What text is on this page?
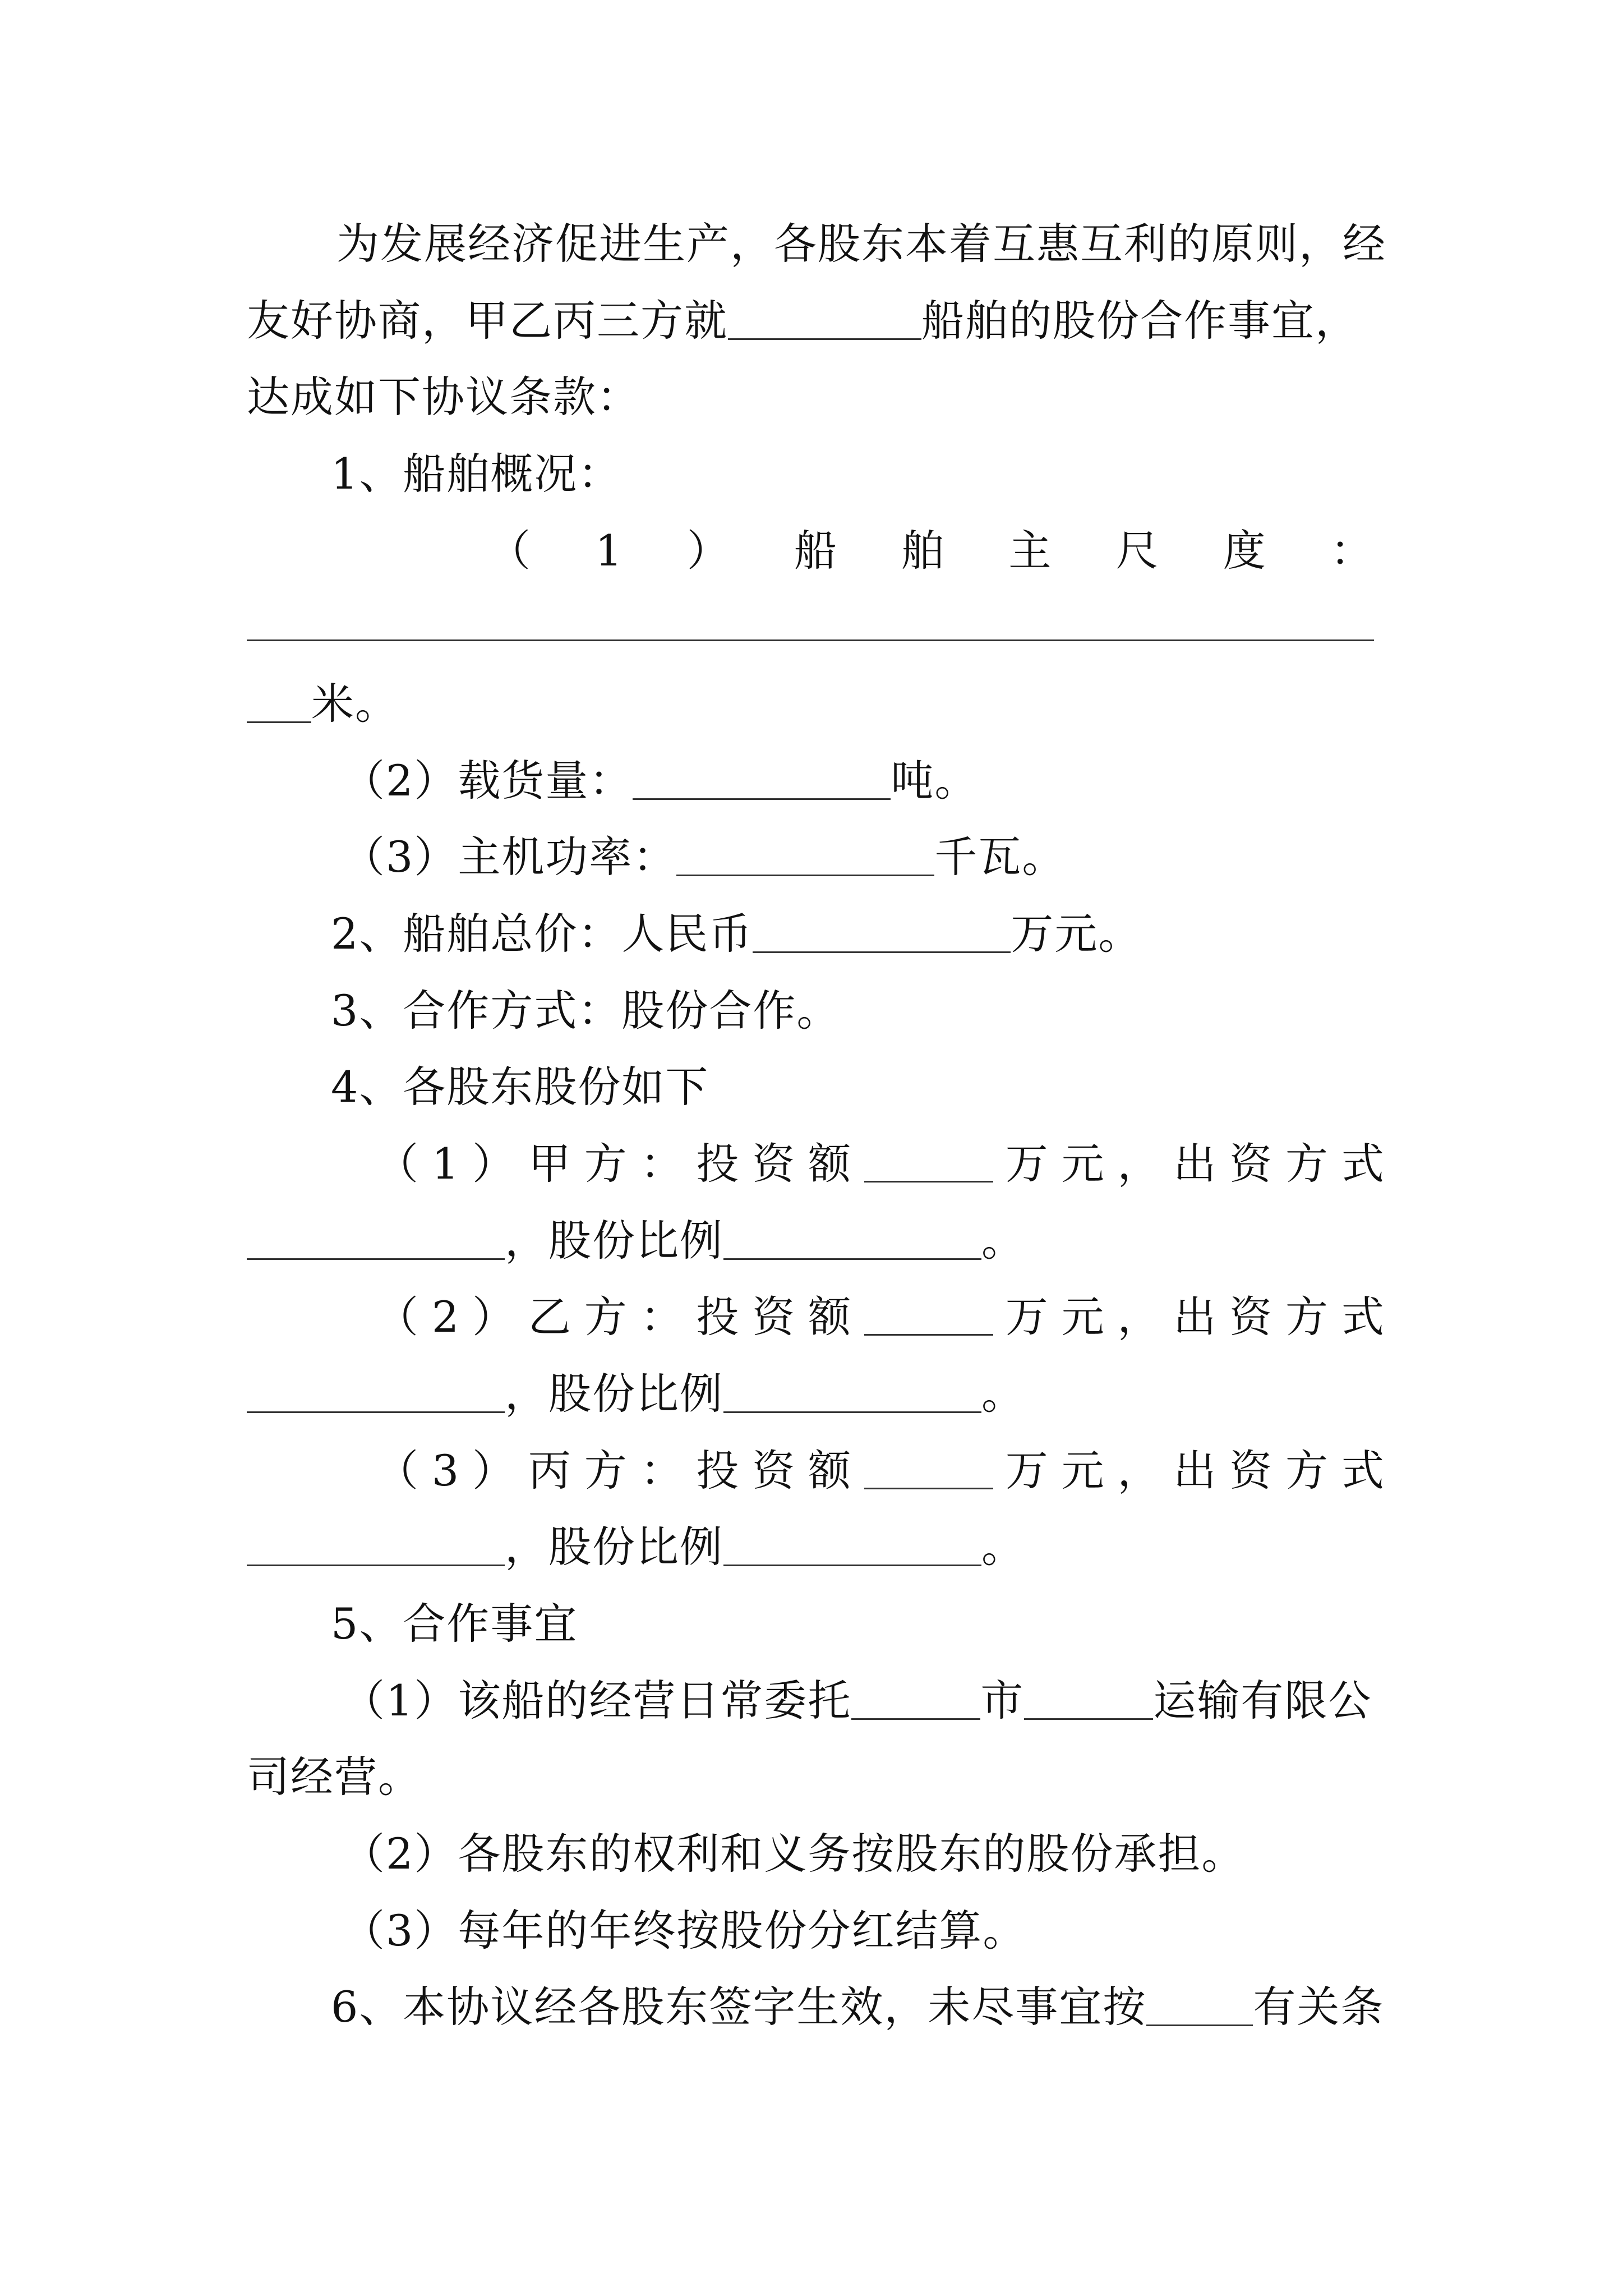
为发展经济促进生产，各股东本着互惠互利的原则，经
友好协商，甲乙丙三方就	船舶的股份合作事宜，
达成如下协议条款：
1、船舶概况：
（ 1 ） 船 舶 主 尺 度 ：
米。
（2）载货量：	吨。
（3）主机功率：	千瓦。
2、船舶总价：人民币	万元。
3、合作方式：股份合作。
4、各股东股份如下
（ 1 ） 甲 方 ： 投 资 额	万 元 ， 出 资 方 式
，股份比例	。
（ 2 ） 乙 方 ： 投 资 额	万 元 ， 出 资 方 式
，股份比例	。
（ 3 ） 丙 方 ： 投 资 额	万 元 ， 出 资 方 式
，股份比例	。
5、合作事宜
（1）该船的经营日常委托	市	运输有限公
司经营。
（2）各股东的权利和义务按股东的股份承担。
（3）每年的年终按股份分红结算。
6、本协议经各股东签字生效，未尽事宜按	有关条
